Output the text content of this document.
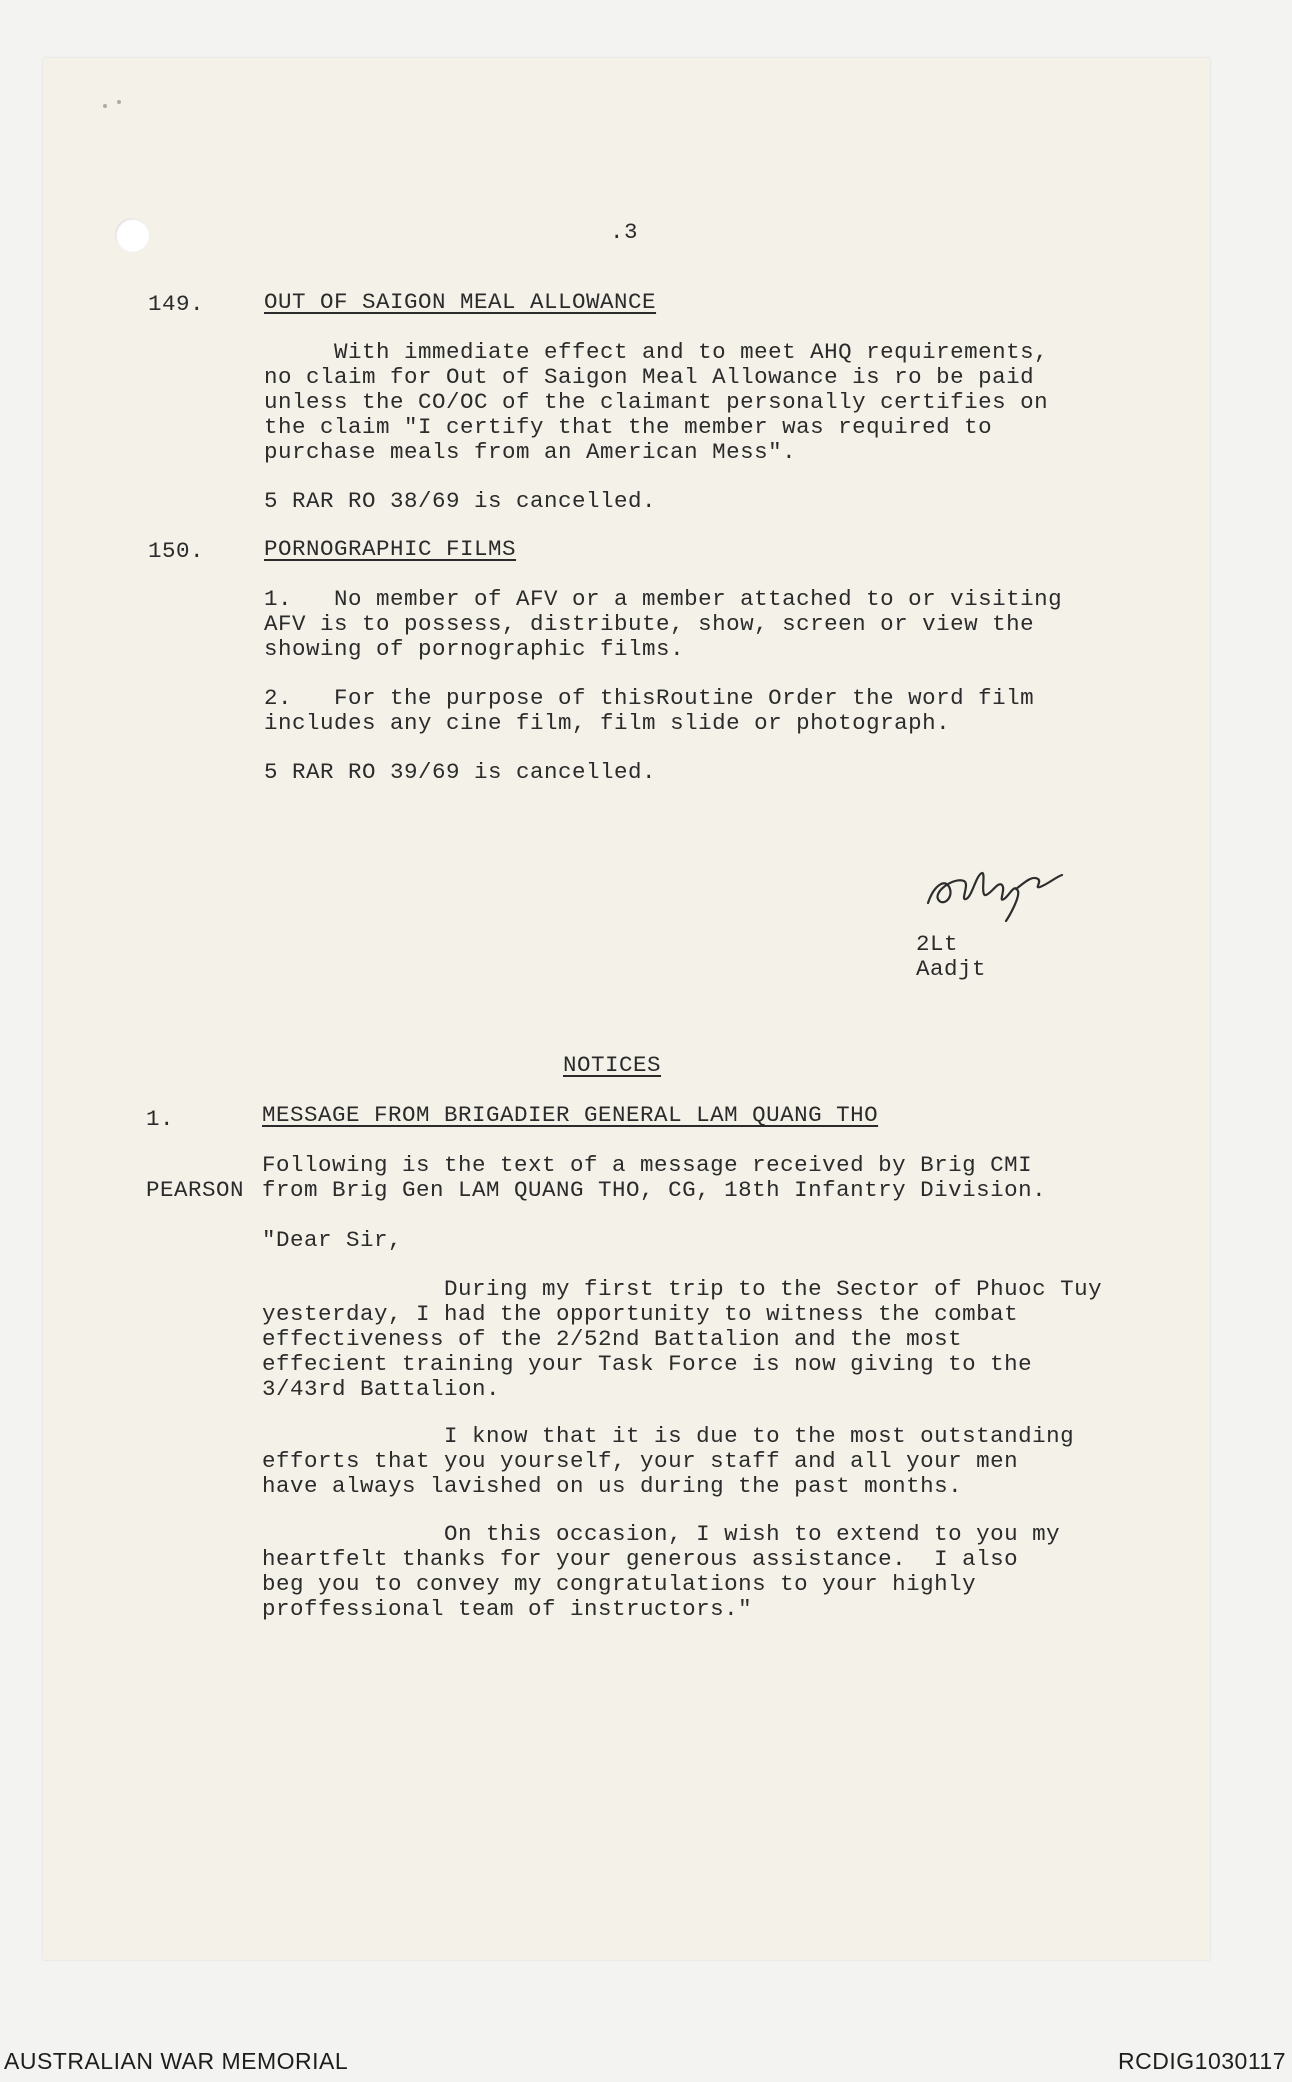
.3
149.	OUT OF SAIGON MEAL ALLOWANCE
With immediate effect and to meet AHQ requirements,
no claim for Out of Saigon Meal Allowance is ro be paid
unless the CO/OC of the claimant personally certifies on
the claim "I certify that the member was required to
purchase meals from an American Mess".
5 RAR RO 38/69 is cancelled.
150.	PORNOGRAPHIC FILMS
1.   No member of AFV or a member attached to or visiting
AFV is to possess, distribute, show, screen or view the
showing of pornographic films.
2.   For the purpose of thisRoutine Order the word film
includes any cine film, film slide or photograph.
5 RAR RO 39/69 is cancelled.
2Lt
Aadjt
NOTICES
1.	MESSAGE FROM BRIGADIER GENERAL LAM QUANG THO
Following is the text of a message received by Brig CMI
PEARSON from Brig Gen LAM QUANG THO, CG, 18th Infantry Division.
"Dear Sir,
During my first trip to the Sector of Phuoc Tuy
yesterday, I had the opportunity to witness the combat
effectiveness of the 2/52nd Battalion and the most
effecient training your Task Force is now giving to the
3/43rd Battalion.
I know that it is due to the most outstanding
efforts that you yourself, your staff and all your men
have always lavished on us during the past months.
On this occasion, I wish to extend to you my
heartfelt thanks for your generous assistance.  I also
beg you to convey my congratulations to your highly
proffessional team of instructors."
AUSTRALIAN WAR MEMORIAL	RCDIG1030117
